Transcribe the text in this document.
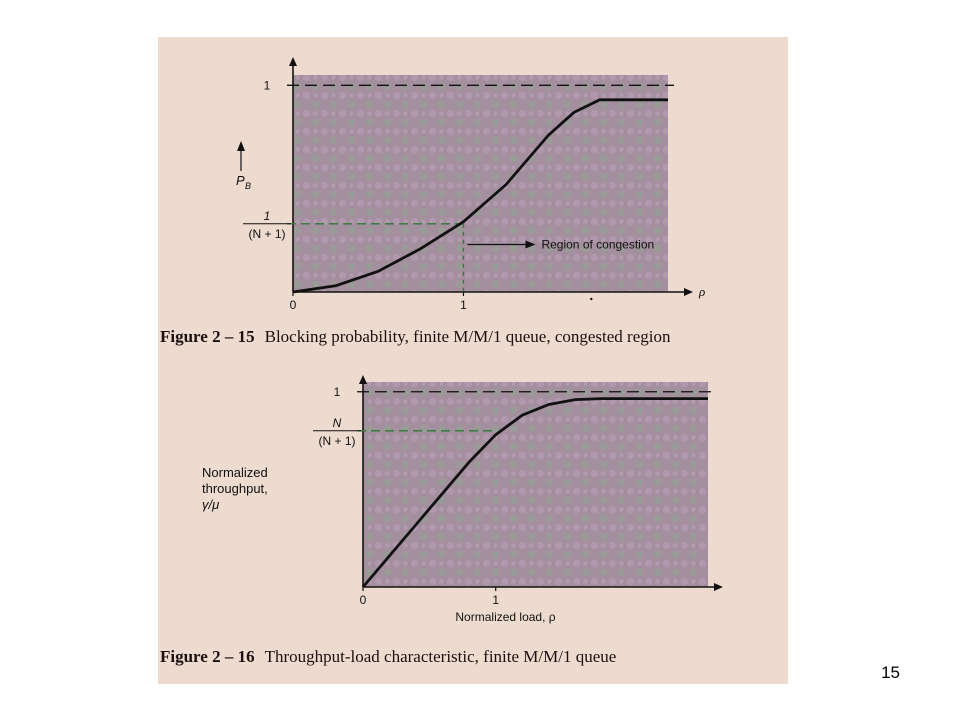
0	1
1
1
(N + 1)
ρ
P B
Region of congestion
0	1
1
N
(N + 1)
Normalized load, ρ
Normalized
throughput,
γ/μ
Figure 2 – 15 Blocking probability, finite M/M/1 queue, congested region
Figure 2 – 16 Throughput-load characteristic, finite M/M/1 queue
15
